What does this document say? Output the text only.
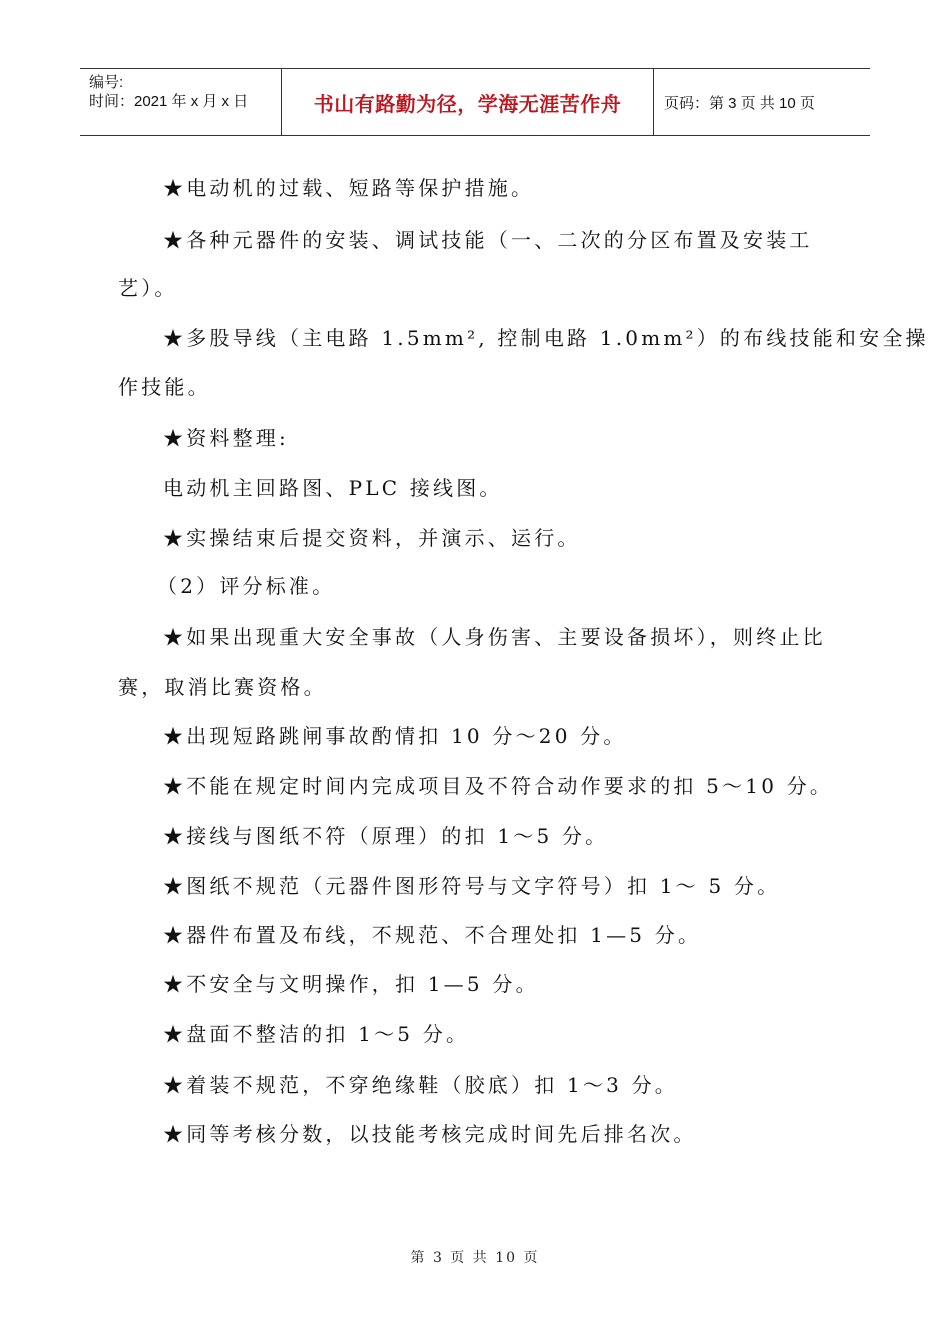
编号:
时间：2021 年 x 月 x 日	书山有路勤为径，学海无涯苦作舟	页码：第 3 页 共 10 页
★电动机的过载、短路等保护措施。
★各种元器件的安装、调试技能（一、二次的分区布置及安装工
艺）。
★多股导线（主电路 1.5mm², 控制电路 1.0mm²）的布线技能和安全操
作技能。
★资料整理:
电动机主回路图、PLC 接线图。
★实操结束后提交资料，并演示、运行。
（2）评分标准。
★如果出现重大安全事故（人身伤害、主要设备损坏），则终止比
赛，取消比赛资格。
★出现短路跳闸事故酌情扣 10 分～20 分。
★不能在规定时间内完成项目及不符合动作要求的扣 5～10 分。
★接线与图纸不符（原理）的扣 1～5 分。
★图纸不规范（元器件图形符号与文字符号）扣 1～ 5 分。
★器件布置及布线，不规范、不合理处扣 1—5 分。
★不安全与文明操作，扣 1—5 分。
★盘面不整洁的扣 1～5 分。
★着装不规范，不穿绝缘鞋（胶底）扣 1～3 分。
★同等考核分数，以技能考核完成时间先后排名次。
第 3 页 共 10 页
